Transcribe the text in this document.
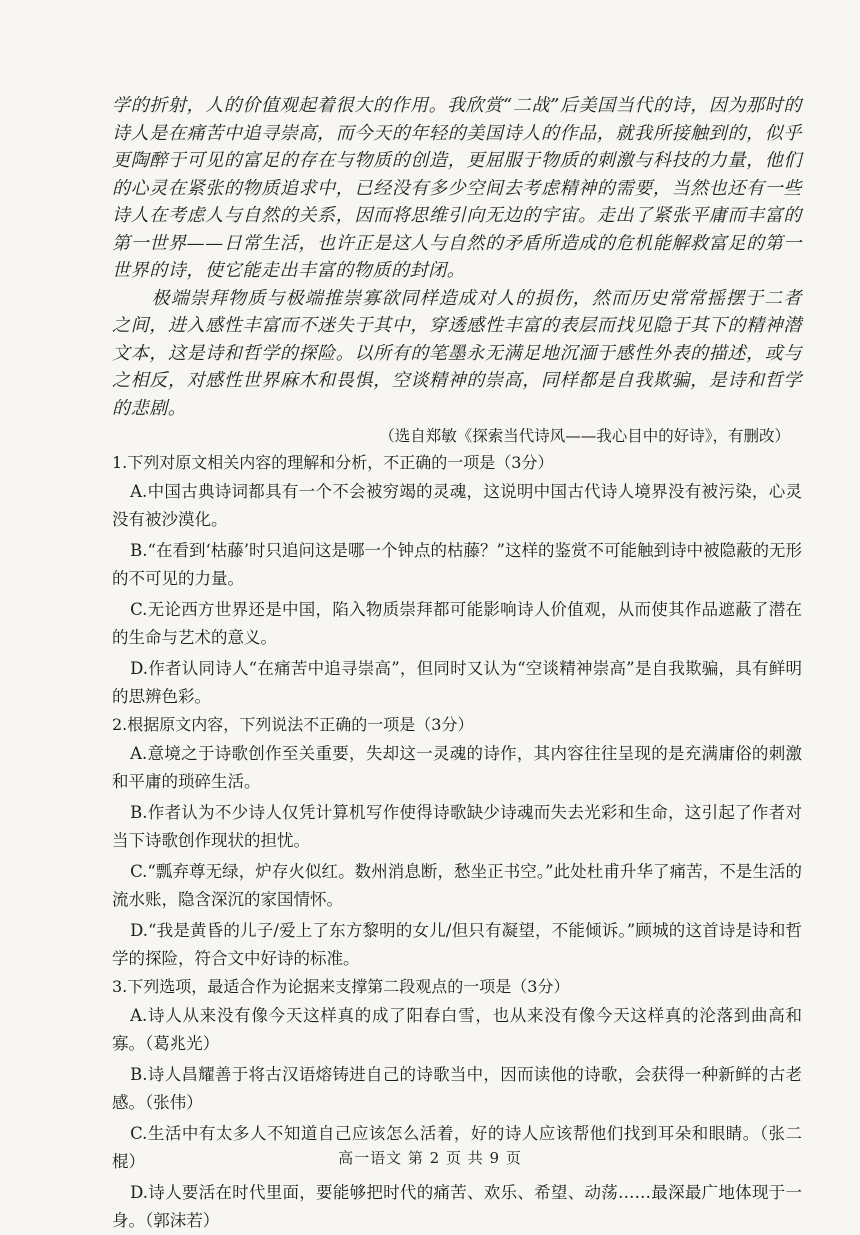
学的折射，人的价值观起着很大的作用。我欣赏“二战”后美国当代的诗，因为那时的诗人是在痛苦中追寻崇高，而今天的年轻的美国诗人的作品，就我所接触到的，似乎更陶醉于可见的富足的存在与物质的创造，更屈服于物质的刺激与科技的力量，他们的心灵在紧张的物质追求中，已经没有多少空间去考虑精神的需要，当然也还有一些诗人在考虑人与自然的关系，因而将思维引向无边的宇宙。走出了紧张平庸而丰富的第一世界——日常生活，也许正是这人与自然的矛盾所造成的危机能解救富足的第一世界的诗，使它能走出丰富的物质的封闭。

极端崇拜物质与极端推崇寡欲同样造成对人的损伤，然而历史常常摇摆于二者之间，进入感性丰富而不迷失于其中，穿透感性丰富的表层而找见隐于其下的精神潜文本，这是诗和哲学的探险。以所有的笔墨永无满足地沉湎于感性外表的描述，或与之相反，对感性世界麻木和畏惧，空谈精神的崇高，同样都是自我欺骗，是诗和哲学的悲剧。

（选自郑敏《探索当代诗风——我心目中的好诗》，有删改）

1.下列对原文相关内容的理解和分析，不正确的一项是（3分）

A.中国古典诗词都具有一个不会被穷竭的灵魂，这说明中国古代诗人境界没有被污染，心灵没有被沙漠化。

B.“在看到‘枯藤’时只追问这是哪一个钟点的枯藤？”这样的鉴赏不可能触到诗中被隐蔽的无形的不可见的力量。

C.无论西方世界还是中国，陷入物质崇拜都可能影响诗人价值观，从而使其作品遮蔽了潜在的生命与艺术的意义。

D.作者认同诗人“在痛苦中追寻崇高”，但同时又认为“空谈精神崇高”是自我欺骗，具有鲜明的思辨色彩。

2.根据原文内容，下列说法不正确的一项是（3分）

A.意境之于诗歌创作至关重要，失却这一灵魂的诗作，其内容往往呈现的是充满庸俗的刺激和平庸的琐碎生活。

B.作者认为不少诗人仅凭计算机写作使得诗歌缺少诗魂而失去光彩和生命，这引起了作者对当下诗歌创作现状的担忧。

C.“瓢弃尊无绿，炉存火似红。数州消息断，愁坐正书空。”此处杜甫升华了痛苦，不是生活的流水账，隐含深沉的家国情怀。

D.“我是黄昏的儿子/爱上了东方黎明的女儿/但只有凝望，不能倾诉。”顾城的这首诗是诗和哲学的探险，符合文中好诗的标准。

3.下列选项，最适合作为论据来支撑第二段观点的一项是（3分）

A.诗人从来没有像今天这样真的成了阳春白雪，也从来没有像今天这样真的沦落到曲高和寡。（葛兆光）

B.诗人昌耀善于将古汉语熔铸进自己的诗歌当中，因而读他的诗歌，会获得一种新鲜的古老感。（张伟）

C.生活中有太多人不知道自己应该怎么活着，好的诗人应该帮他们找到耳朵和眼睛。（张二棍）

D.诗人要活在时代里面，要能够把时代的痛苦、欢乐、希望、动荡……最深最广地体现于一身。（郭沫若）

高一语文 第 2 页 共 9 页
